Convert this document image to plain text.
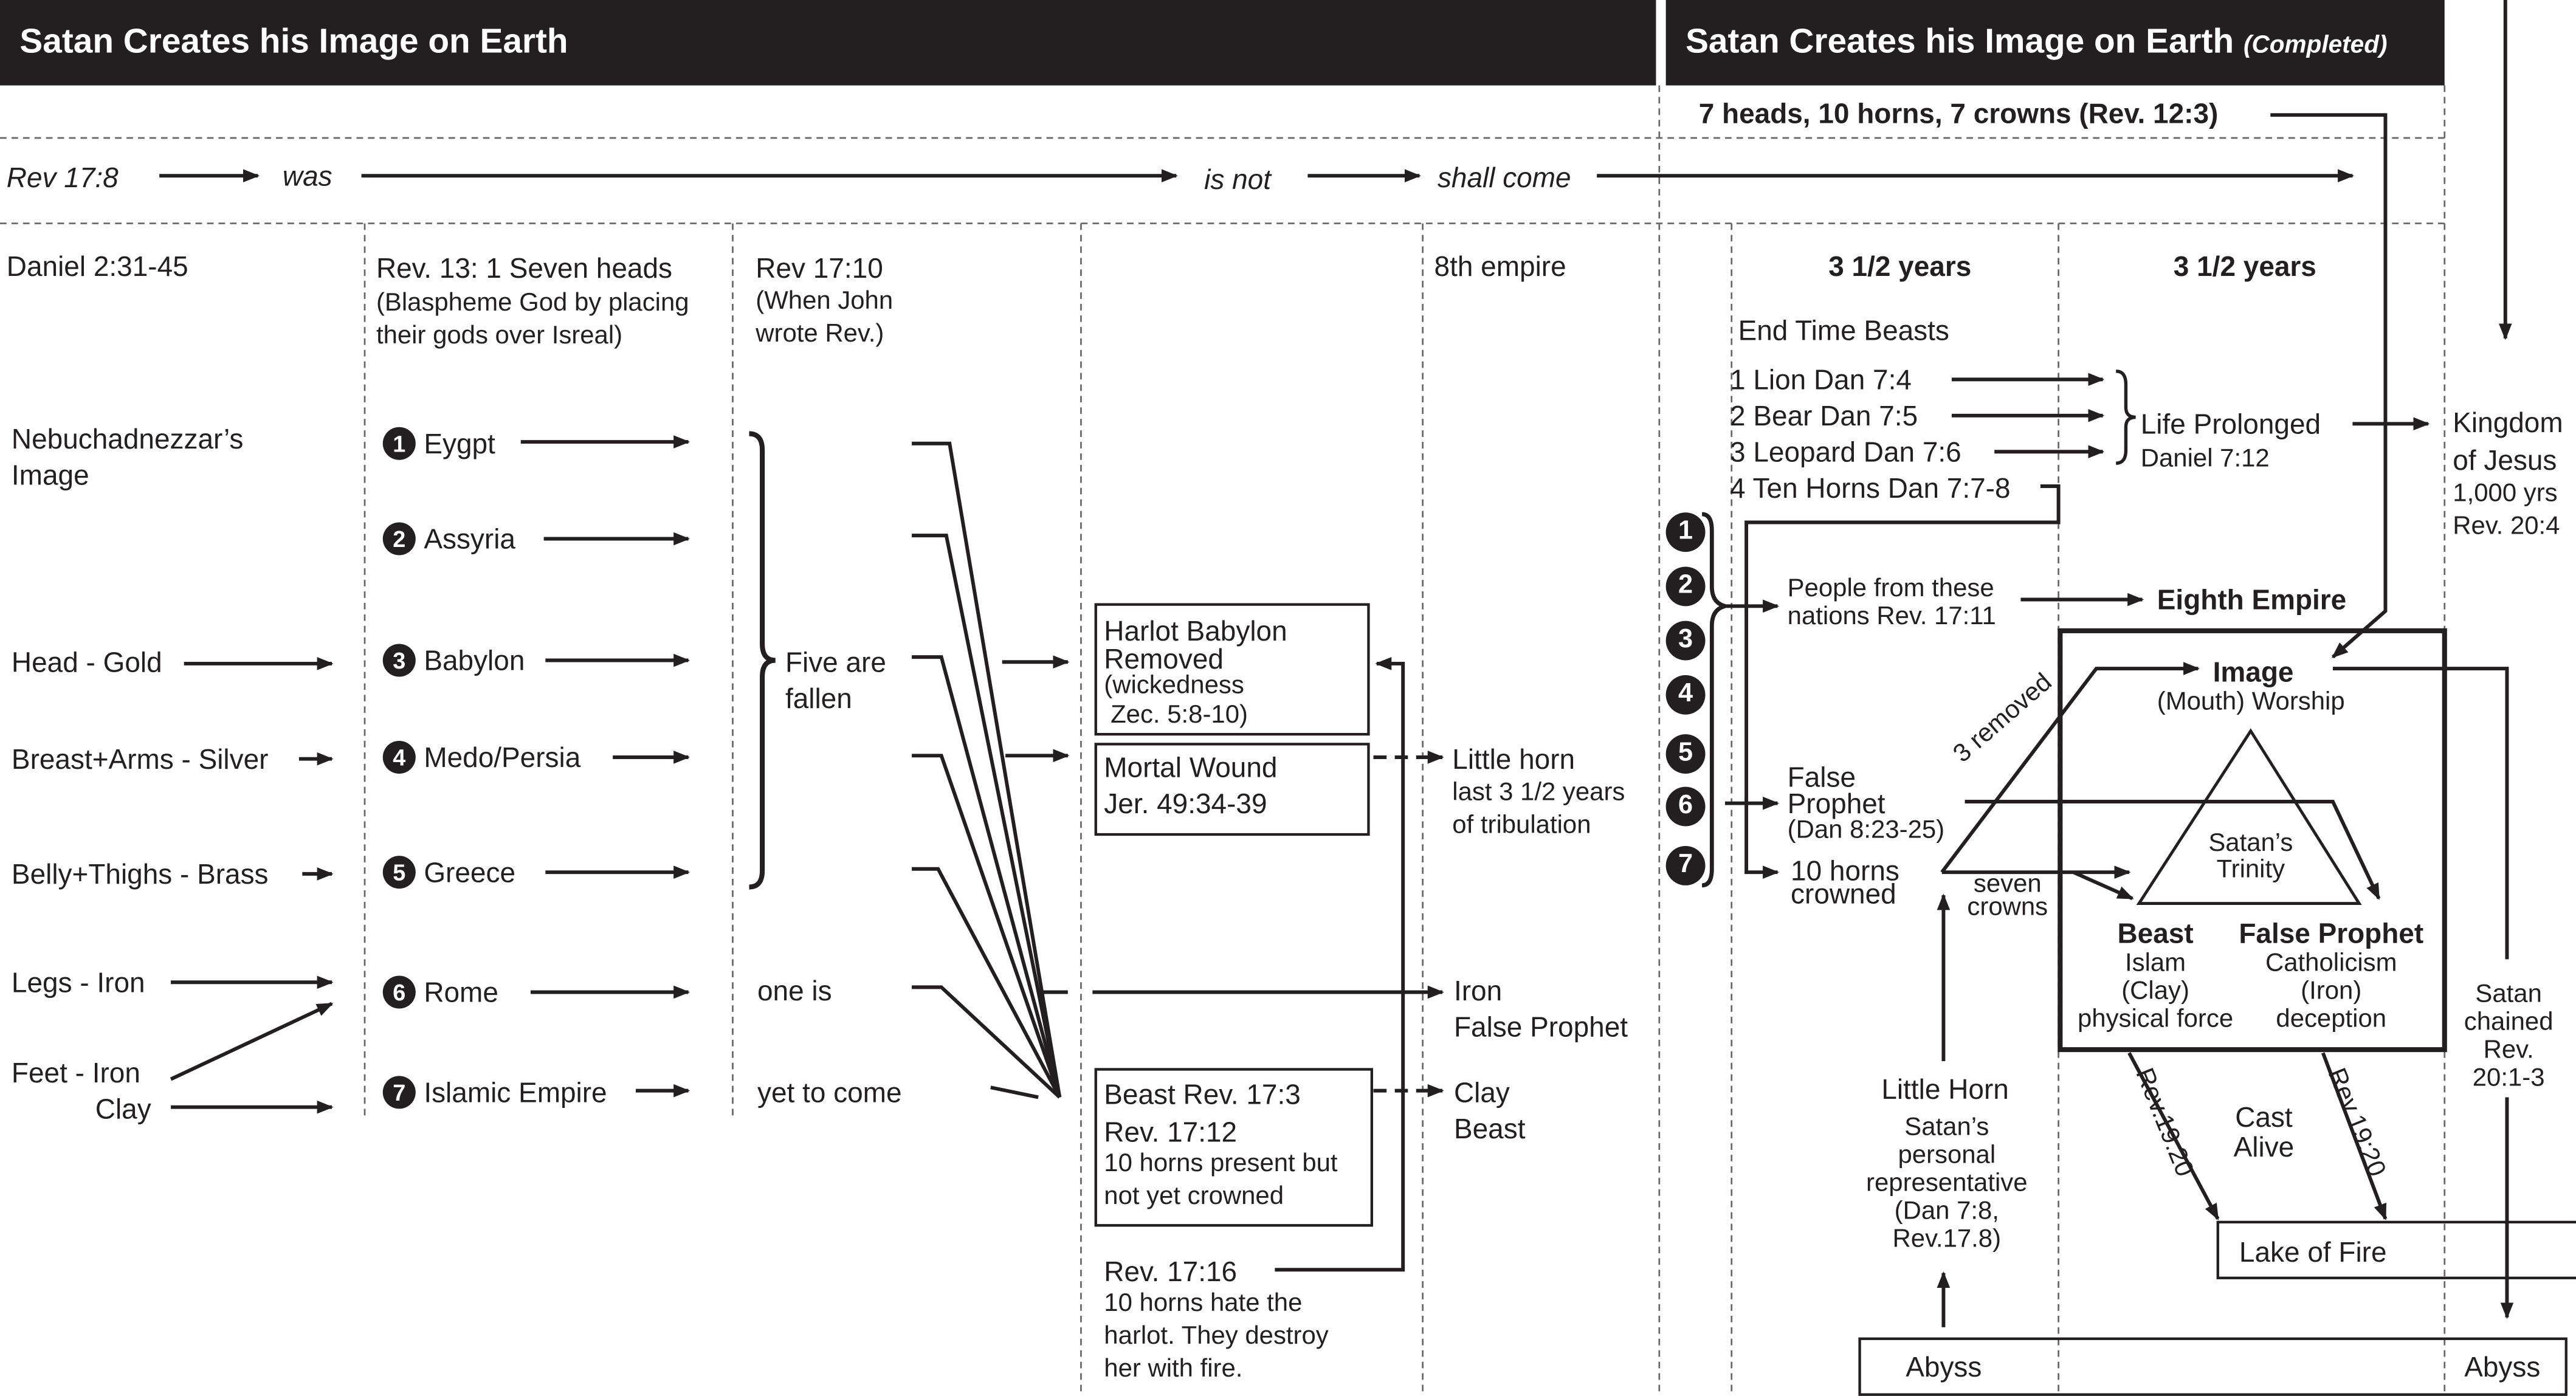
Satan Creates his Image on Earth	Satan Creates his Image on Earth (Completed)
7 heads, 10 horns, 7 crowns (Rev. 12:3)
Rev 17:8	was	is not	shall come
Daniel 2:31-45	Rev. 13: 1 Seven heads
(Blaspheme God by placing
their gods over Isreal)
Rev 17:10
(When John
wrote Rev.)
8th empire	3 1/2 years	3 1/2 years
Nebuchadnezzar’s
Image
Head - Gold
Breast+Arms - Silver
Belly+Thighs - Brass
Legs - Iron
Feet - Iron
Clay
1 Eygpt
2 Assyria
3 Babylon
4 Medo/Persia
5 Greece
6 Rome
7 Islamic Empire
Five are
fallen
one is
yet to come
Harlot Babylon
Removed
(wickedness
Zec. 5:8-10)
Mortal Wound
Jer. 49:34-39
Beast Rev. 17:3
Rev. 17:12
10 horns present but
not yet crowned
Rev. 17:16
10 horns hate the
harlot. They destroy
her with fire.
Little horn
last 3 1/2 years
of tribulation
Iron
False Prophet
Clay
Beast
End Time Beasts
1 Lion Dan 7:4
2 Bear Dan 7:5
3 Leopard Dan 7:6
4 Ten Horns Dan 7:7-8
Life Prolonged
Daniel 7:12
Kingdom
of Jesus
1,000 yrs
Rev. 20:4
1
2
3
4
5
6
7
People from these
nations Rev. 17:11
Eighth Empire
False
Prophet
(Dan 8:23-25)
10 horns
crowned
3 removed
seven
crowns
Image
(Mouth) Worship
Satan’s
Trinity
Beast
Islam
(Clay)
physical force
False Prophet
Catholicism
(Iron)
deception
Little Horn
Satan’s
personal
representative
(Dan 7:8,
Rev.17.8)
Rev.19:20	Rev.19:20
Cast
Alive
Lake of Fire
Satan
chained
Rev.
20:1-3
Abyss	Abyss
